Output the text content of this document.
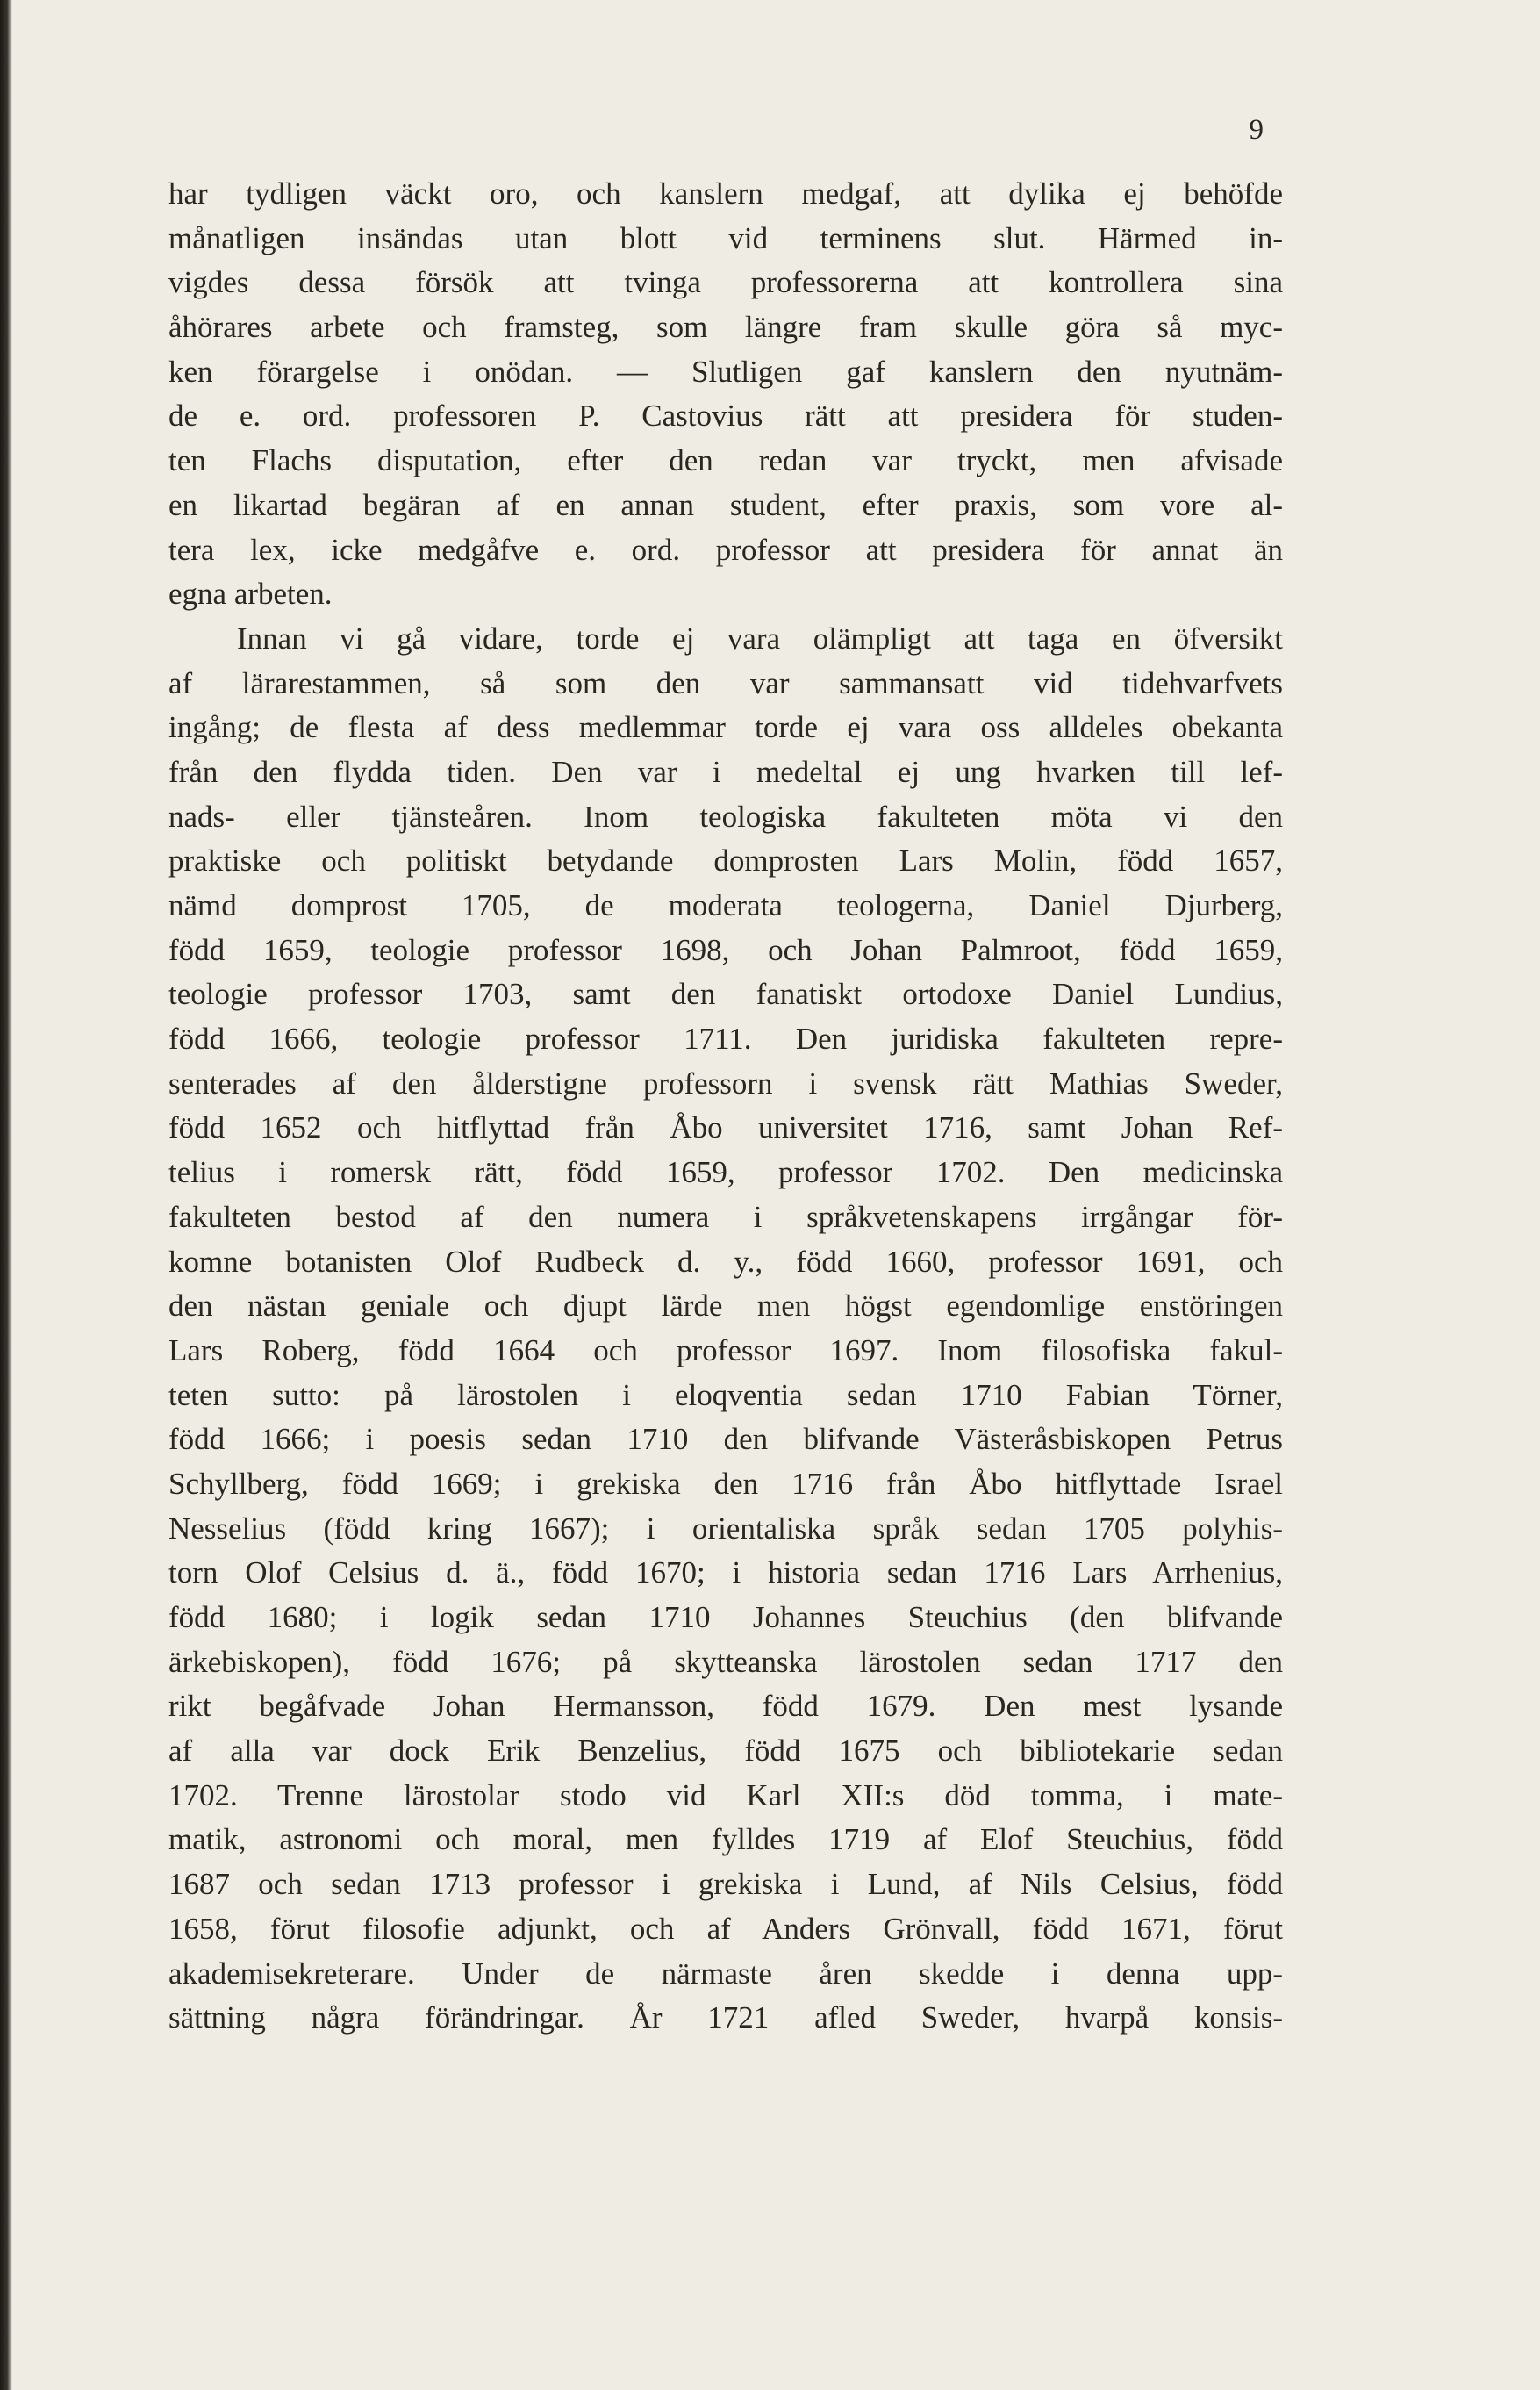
9
har tydligen väckt oro, och kanslern medgaf, att dylika ej behöfde
månatligen insändas utan blott vid terminens slut. Härmed in-
vigdes dessa försök att tvinga professorerna att kontrollera sina
åhörares arbete och framsteg, som längre fram skulle göra så myc-
ken förargelse i onödan. — Slutligen gaf kanslern den nyutnäm-
de e. ord. professoren P. Castovius rätt att presidera för studen-
ten Flachs disputation, efter den redan var tryckt, men afvisade
en likartad begäran af en annan student, efter praxis, som vore al-
tera lex, icke medgåfve e. ord. professor att presidera för annat än
egna arbeten.
Innan vi gå vidare, torde ej vara olämpligt att taga en öfversikt
af lärarestammen, så som den var sammansatt vid tidehvarfvets
ingång; de flesta af dess medlemmar torde ej vara oss alldeles obekanta
från den flydda tiden. Den var i medeltal ej ung hvarken till lef-
nads- eller tjänsteåren. Inom teologiska fakulteten möta vi den
praktiske och politiskt betydande domprosten Lars Molin, född 1657,
nämd domprost 1705, de moderata teologerna, Daniel Djurberg,
född 1659, teologie professor 1698, och Johan Palmroot, född 1659,
teologie professor 1703, samt den fanatiskt ortodoxe Daniel Lundius,
född 1666, teologie professor 1711. Den juridiska fakulteten repre-
senterades af den ålderstigne professorn i svensk rätt Mathias Sweder,
född 1652 och hitflyttad från Åbo universitet 1716, samt Johan Ref-
telius i romersk rätt, född 1659, professor 1702. Den medicinska
fakulteten bestod af den numera i språkvetenskapens irrgångar för-
komne botanisten Olof Rudbeck d. y., född 1660, professor 1691, och
den nästan geniale och djupt lärde men högst egendomlige enstöringen
Lars Roberg, född 1664 och professor 1697. Inom filosofiska fakul-
teten sutto: på lärostolen i eloqventia sedan 1710 Fabian Törner,
född 1666; i poesis sedan 1710 den blifvande Västeråsbiskopen Petrus
Schyllberg, född 1669; i grekiska den 1716 från Åbo hitflyttade Israel
Nesselius (född kring 1667); i orientaliska språk sedan 1705 polyhis-
torn Olof Celsius d. ä., född 1670; i historia sedan 1716 Lars Arrhenius,
född 1680; i logik sedan 1710 Johannes Steuchius (den blifvande
ärkebiskopen), född 1676; på skytteanska lärostolen sedan 1717 den
rikt begåfvade Johan Hermansson, född 1679. Den mest lysande
af alla var dock Erik Benzelius, född 1675 och bibliotekarie sedan
1702. Trenne lärostolar stodo vid Karl XII:s död tomma, i mate-
matik, astronomi och moral, men fylldes 1719 af Elof Steuchius, född
1687 och sedan 1713 professor i grekiska i Lund, af Nils Celsius, född
1658, förut filosofie adjunkt, och af Anders Grönvall, född 1671, förut
akademisekreterare. Under de närmaste åren skedde i denna upp-
sättning några förändringar. År 1721 afled Sweder, hvarpå konsis-
